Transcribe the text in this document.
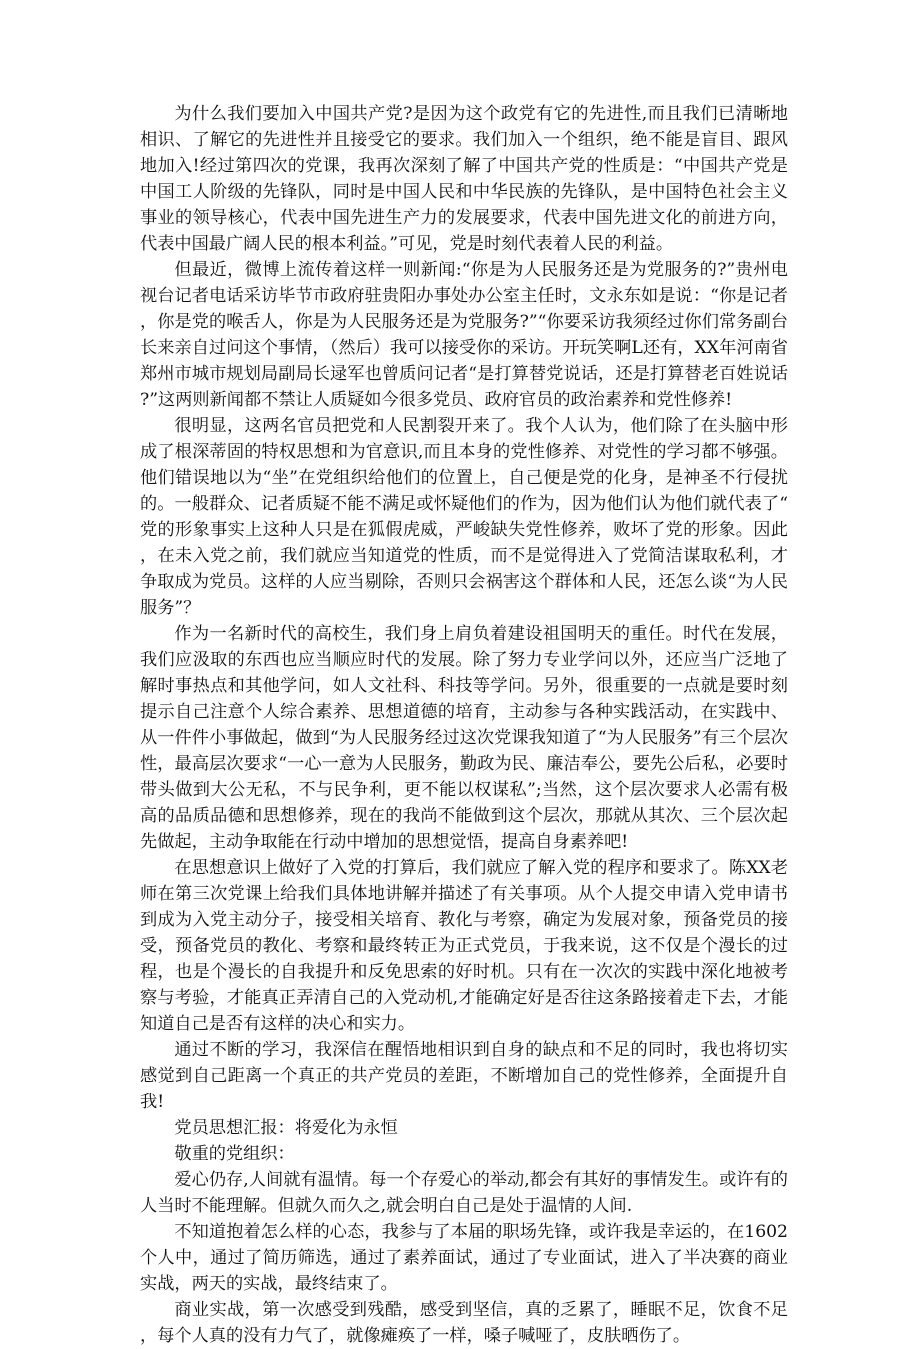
为什么我们要加入中国共产党?是因为这个政党有它的先进性,而且我们已清晰地相识、了解它的先进性并且接受它的要求。我们加入一个组织，绝不能是盲目、跟风地加入!经过第四次的党课，我再次深刻了解了中国共产党的性质是：“中国共产党是中国工人阶级的先锋队，同时是中国人民和中华民族的先锋队，是中国特色社会主义事业的领导核心，代表中国先进生产力的发展要求，代表中国先进文化的前进方向，代表中国最广阔人民的根本利益。”可见，党是时刻代表着人民的利益。

但最近，微博上流传着这样一则新闻:“你是为人民服务还是为党服务的?”贵州电视台记者电话采访毕节市政府驻贵阳办事处办公室主任时，文永东如是说：“你是记者，你是党的喉舌人，你是为人民服务还是为党服务?”“你要采访我须经过你们常务副台长来亲自过问这个事情，（然后）我可以接受你的采访。开玩笑啊L还有，XX年河南省郑州市城市规划局副局长逯军也曾质问记者“是打算替党说话，还是打算替老百姓说话?”这两则新闻都不禁让人质疑如今很多党员、政府官员的政治素养和党性修养!

很明显，这两名官员把党和人民割裂开来了。我个人认为，他们除了在头脑中形成了根深蒂固的特权思想和为官意识,而且本身的党性修养、对党性的学习都不够强。他们错误地以为“坐”在党组织给他们的位置上，自己便是党的化身，是神圣不行侵扰的。一般群众、记者质疑不能不满足或怀疑他们的作为，因为他们认为他们就代表了“党的形象事实上这种人只是在狐假虎威，严峻缺失党性修养，败坏了党的形象。因此，在未入党之前，我们就应当知道党的性质，而不是觉得进入了党简洁谋取私利，才争取成为党员。这样的人应当剔除，否则只会祸害这个群体和人民，还怎么谈“为人民服务”？

作为一名新时代的高校生，我们身上肩负着建设祖国明天的重任。时代在发展，我们应汲取的东西也应当顺应时代的发展。除了努力专业学问以外，还应当广泛地了解时事热点和其他学问，如人文社科、科技等学问。另外，很重要的一点就是要时刻提示自己注意个人综合素养、思想道德的培育，主动参与各种实践活动，在实践中、从一件件小事做起，做到“为人民服务经过这次党课我知道了“为人民服务”有三个层次性，最高层次要求“一心一意为人民服务，勤政为民、廉洁奉公，要先公后私，必要时带头做到大公无私，不与民争利，更不能以权谋私”;当然，这个层次要求人必需有极高的品质品德和思想修养，现在的我尚不能做到这个层次，那就从其次、三个层次起先做起，主动争取能在行动中增加的思想觉悟，提高自身素养吧!

在思想意识上做好了入党的打算后，我们就应了解入党的程序和要求了。陈XX老师在第三次党课上给我们具体地讲解并描述了有关事项。从个人提交申请入党申请书到成为入党主动分子，接受相关培育、教化与考察，确定为发展对象，预备党员的接受，预备党员的教化、考察和最终转正为正式党员，于我来说，这不仅是个漫长的过程，也是个漫长的自我提升和反免思索的好时机。只有在一次次的实践中深化地被考察与考验，才能真正弄清自己的入党动机,才能确定好是否往这条路接着走下去，才能知道自己是否有这样的决心和实力。

通过不断的学习，我深信在醒悟地相识到自身的缺点和不足的同时，我也将切实感觉到自己距离一个真正的共产党员的差距，不断增加自己的党性修养，全面提升自我!

党员思想汇报：将爱化为永恒

敬重的党组织：

爱心仍存,人间就有温情。每一个存爱心的举动,都会有其好的事情发生。或许有的人当时不能理解。但就久而久之,就会明白自己是处于温情的人间.

不知道抱着怎么样的心态，我参与了本届的职场先锋，或许我是幸运的，在1602个人中，通过了简历筛选，通过了素养面试，通过了专业面试，进入了半决赛的商业实战，两天的实战，最终结束了。

商业实战，第一次感受到残酷，感受到坚信，真的乏累了，睡眠不足，饮食不足，每个人真的没有力气了，就像瘫痪了一样，嗓子喊哑了，皮肤晒伤了。
